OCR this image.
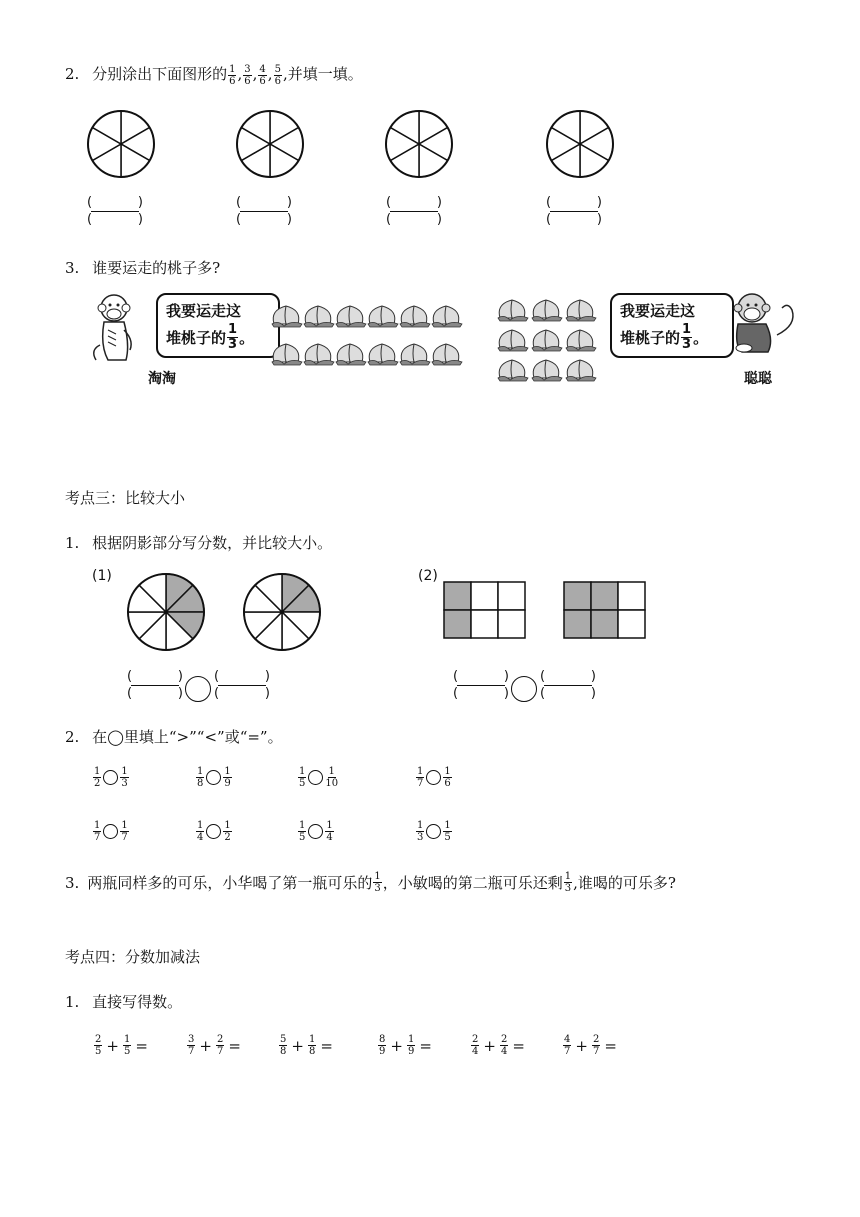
2. 分别涂出下面图形的 $\frac{1}{6}$ , $\frac{3}{6}$ , $\frac{4}{6}$ , $\frac{5}{6}$ ,并填一填。
(	)
(	)
(	)
(	)
(	)
(	)
(	)
(	)
3. 谁要运走的桃子多?
淘淘
我要运走这
堆桃子的 $\frac{1}{3}$ 。
我要运走这
堆桃子的 $\frac{1}{3}$ 。
聪聪
考点三：比较大小
1. 根据阴影部分写分数，并比较大小。
(1)	(2)
(	)
(	)
(	)
(	)
(	)
(	)
(	)
(	)
2. 在◯里填上“>”“<”或“=”。
$\frac{1}{2} \frac{1}{3}$	$\frac{1}{8} \frac{1}{9}$	$\frac{1}{5} \frac{1}{10}$	$\frac{1}{7} \frac{1}{6}$
$\frac{1}{7} \frac{1}{7}$	$\frac{1}{4} \frac{1}{2}$	$\frac{1}{5} \frac{1}{4}$	$\frac{1}{3} \frac{1}{5}$
3. 两瓶同样多的可乐，小华喝了第一瓶可乐的 $\frac{1}{3}$ ，小敏喝的第二瓶可乐还剩 $\frac{1}{3}$ ,谁喝的可乐多?
考点四：分数加减法
1. 直接写得数。
$\frac{2}{5} + \frac{1}{5}$ =	$\frac{3}{7} + \frac{2}{7}$ =	$\frac{5}{8} + \frac{1}{8}$ =	$\frac{8}{9} + \frac{1}{9}$ =	$\frac{2}{4} + \frac{2}{4}$ =	$\frac{4}{7} + \frac{2}{7}$ =
